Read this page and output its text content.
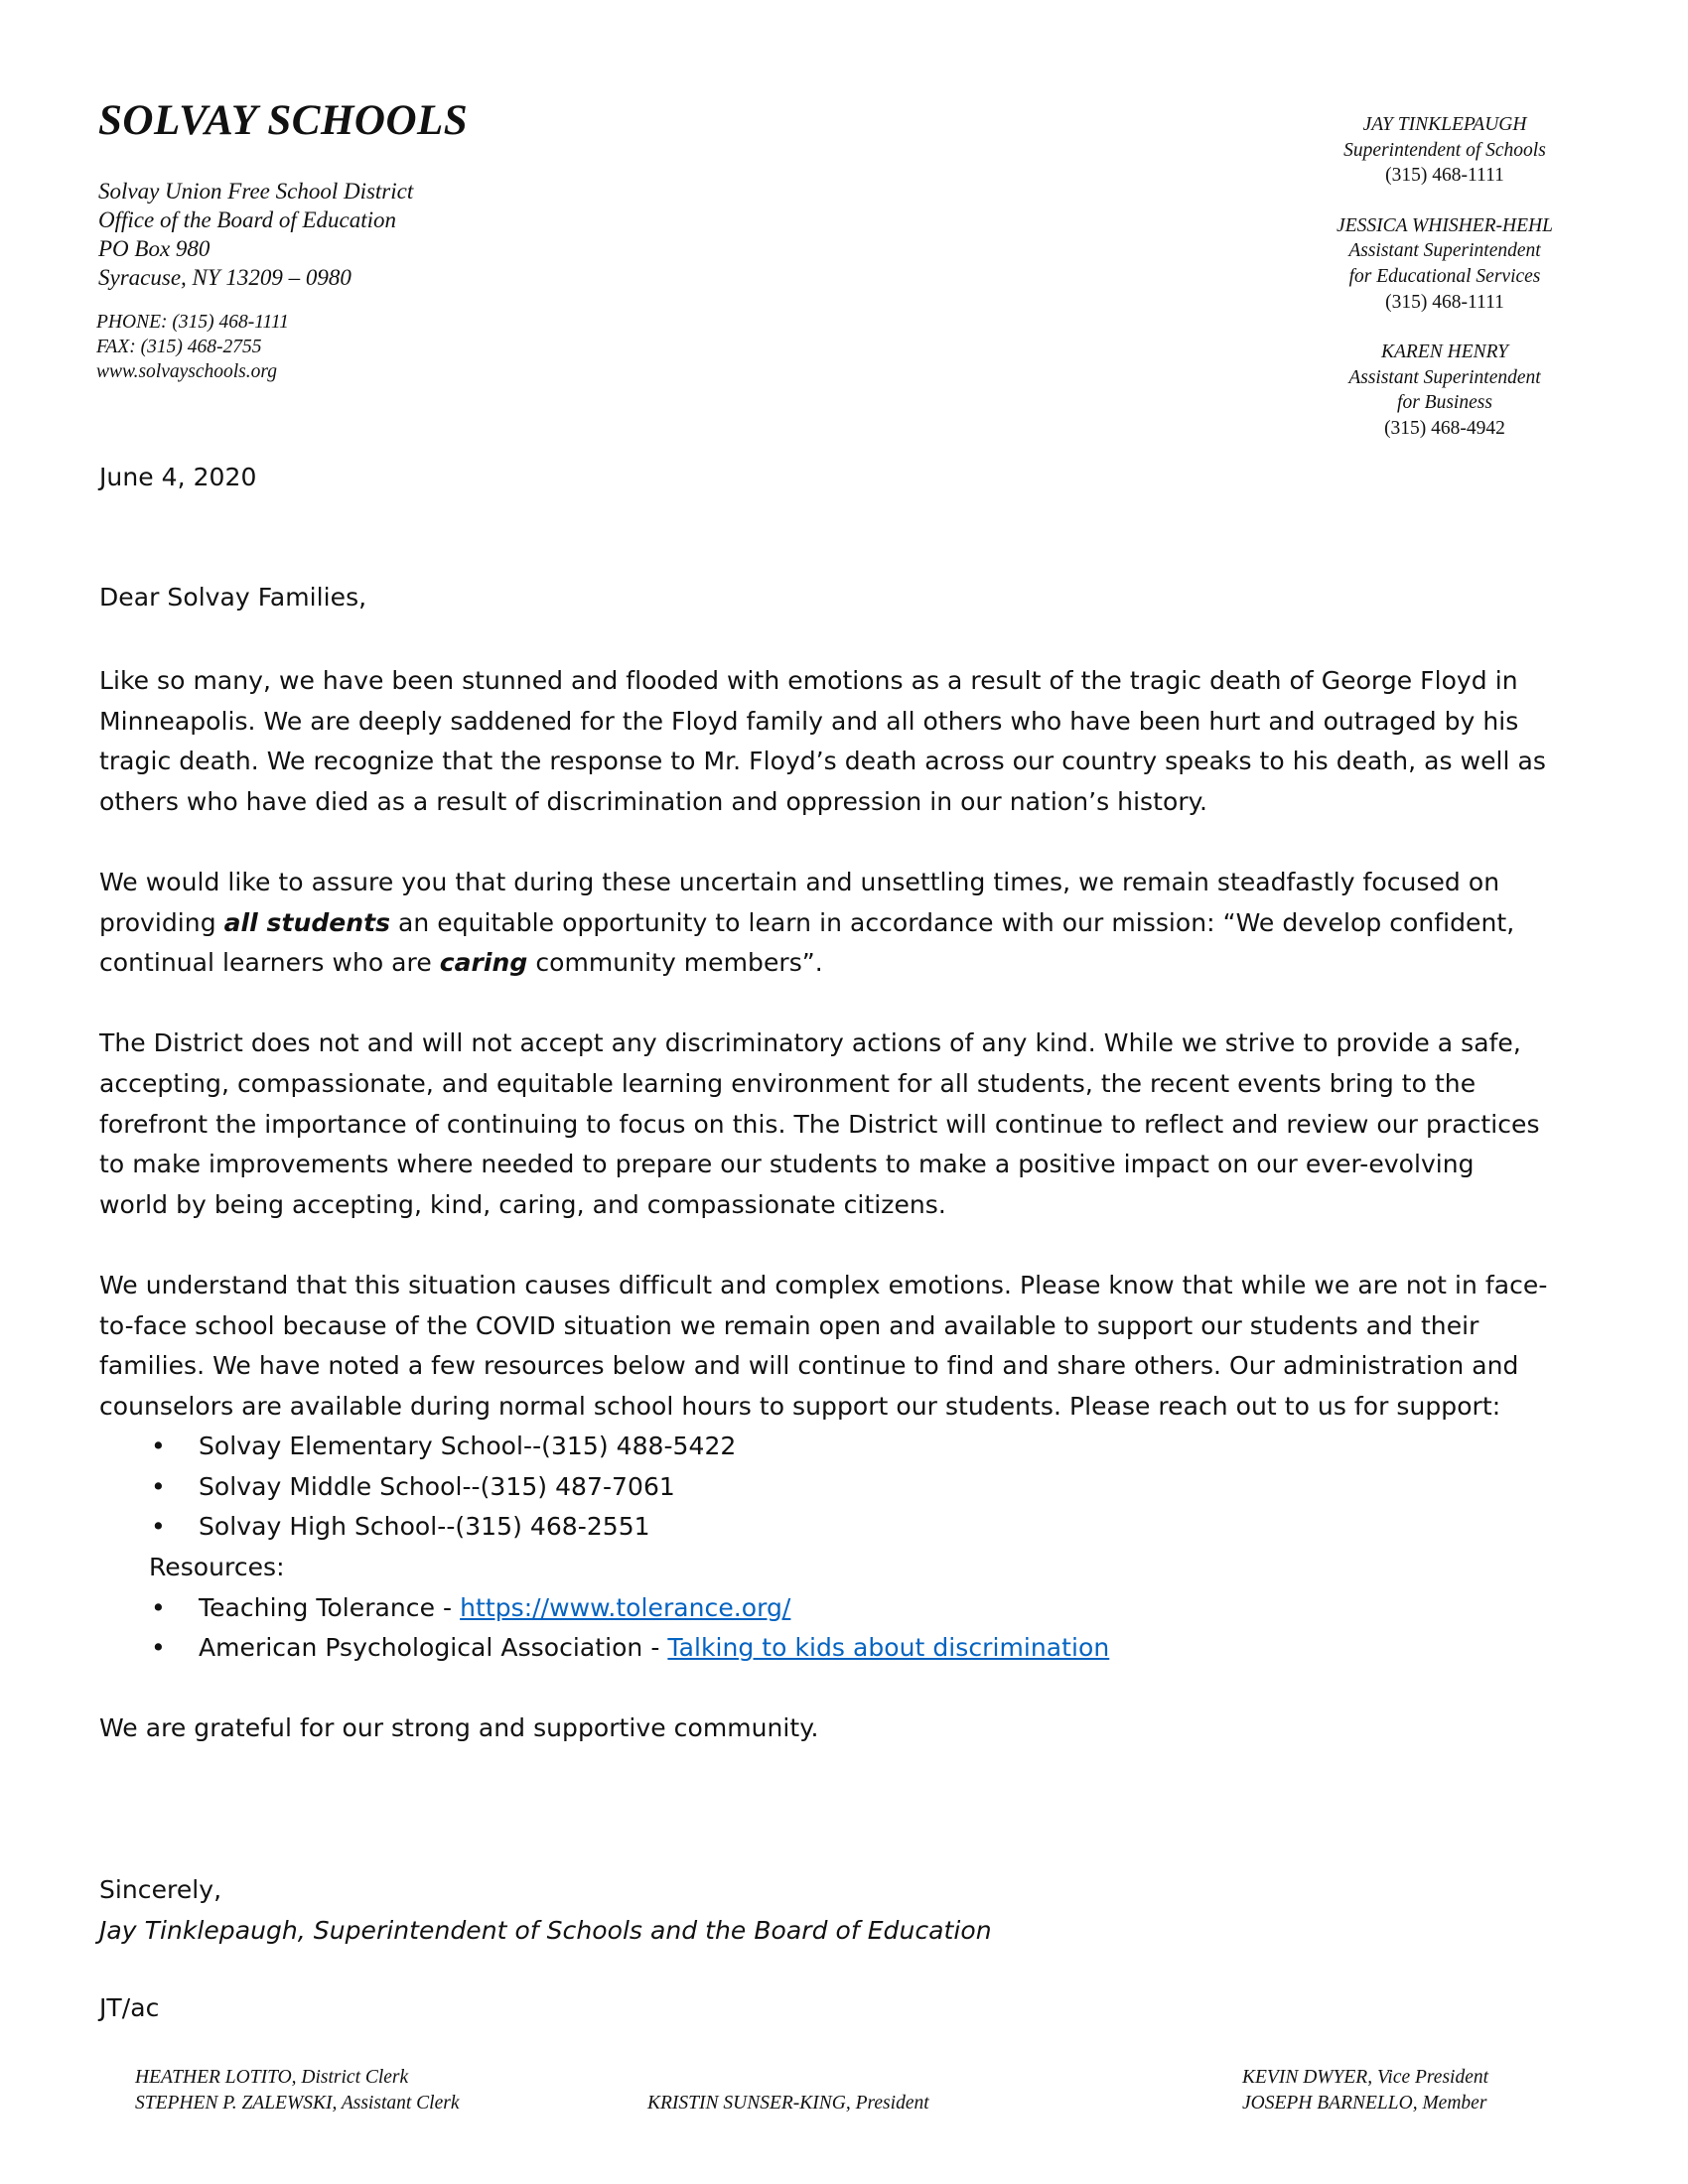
SOLVAY SCHOOLS
Solvay Union Free School District
Office of the Board of Education
PO Box 980
Syracuse, NY 13209 – 0980
PHONE: (315) 468-1111
FAX: (315) 468-2755
www.solvayschools.org
JAY TINKLEPAUGH
Superintendent of Schools
(315) 468-1111
JESSICA WHISHER-HEHL
Assistant Superintendent
for Educational Services
(315) 468-1111
KAREN HENRY
Assistant Superintendent
for Business
(315) 468-4942
June 4, 2020
Dear Solvay Families,

Like so many, we have been stunned and flooded with emotions as a result of the tragic death of George Floyd in Minneapolis. We are deeply saddened for the Floyd family and all others who have been hurt and outraged by his tragic death. We recognize that the response to Mr. Floyd’s death across our country speaks to his death, as well as others who have died as a result of discrimination and oppression in our nation’s history.

We would like to assure you that during these uncertain and unsettling times, we remain steadfastly focused on providing all students an equitable opportunity to learn in accordance with our mission: “We develop confident, continual learners who are caring community members”.

The District does not and will not accept any discriminatory actions of any kind. While we strive to provide a safe, accepting, compassionate, and equitable learning environment for all students, the recent events bring to the forefront the importance of continuing to focus on this. The District will continue to reflect and review our practices to make improvements where needed to prepare our students to make a positive impact on our ever-evolving world by being accepting, kind, caring, and compassionate citizens.

We understand that this situation causes difficult and complex emotions. Please know that while we are not in face-to-face school because of the COVID situation we remain open and available to support our students and their families. We have noted a few resources below and will continue to find and share others. Our administration and counselors are available during normal school hours to support our students. Please reach out to us for support:

• Solvay Elementary School--(315) 488-5422
• Solvay Middle School--(315) 487-7061
• Solvay High School--(315) 468-2551
Resources:
• Teaching Tolerance - https://www.tolerance.org/
• American Psychological Association - Talking to kids about discrimination

We are grateful for our strong and supportive community.

Sincerely,
Jay Tinklepaugh, Superintendent of Schools and the Board of Education
JT/ac
HEATHER LOTITO, District Clerk
STEPHEN P. ZALEWSKI, Assistant Clerk	KRISTIN SUNSER-KING, President
KEVIN DWYER, Vice President
JOSEPH BARNELLO, Member
